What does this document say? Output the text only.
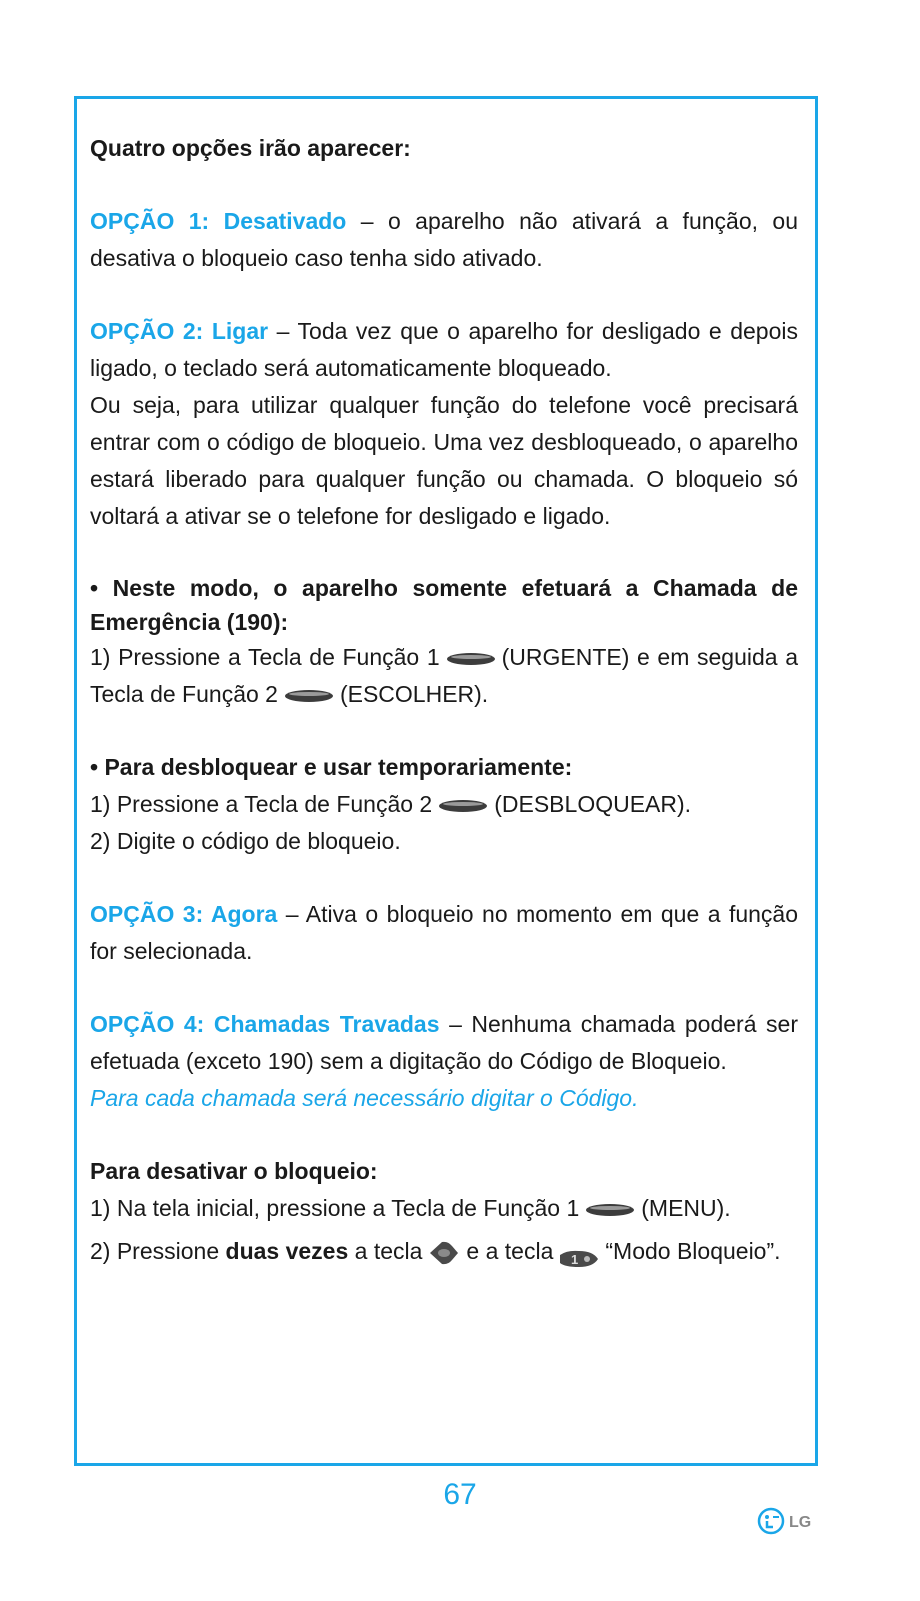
Quatro opções irão aparecer:

OPÇÃO 1: Desativado – o aparelho não ativará a função, ou desativa o bloqueio caso tenha sido ativado.

OPÇÃO 2: Ligar – Toda vez que o aparelho for desligado e depois ligado, o teclado será automaticamente bloqueado.

Ou seja, para utilizar qualquer função do telefone você precisará entrar com o código de bloqueio. Uma vez desbloqueado, o aparelho estará liberado para qualquer função ou chamada. O bloqueio só voltará a ativar se o telefone for desligado e ligado.

• Neste modo, o aparelho somente efetuará a Chamada de Emergência (190):

1) Pressione a Tecla de Função 1	(URGENTE) e em seguida a Tecla de Função 2	(ESCOLHER).

• Para desbloquear e usar temporariamente:

1) Pressione a Tecla de Função 2	(DESBLOQUEAR).

2) Digite o código de bloqueio.

OPÇÃO 3: Agora – Ativa o bloqueio no momento em que a função for selecionada.

OPÇÃO 4: Chamadas Travadas – Nenhuma chamada poderá ser efetuada (exceto 190) sem a digitação do Código de Bloqueio.

Para cada chamada será necessário digitar o Código.

Para desativar o bloqueio:

1) Na tela inicial, pressione a Tecla de Função 1	(MENU).

2) Pressione duas vezes a tecla e a tecla 1 “Modo Bloqueio”.

67
LG
